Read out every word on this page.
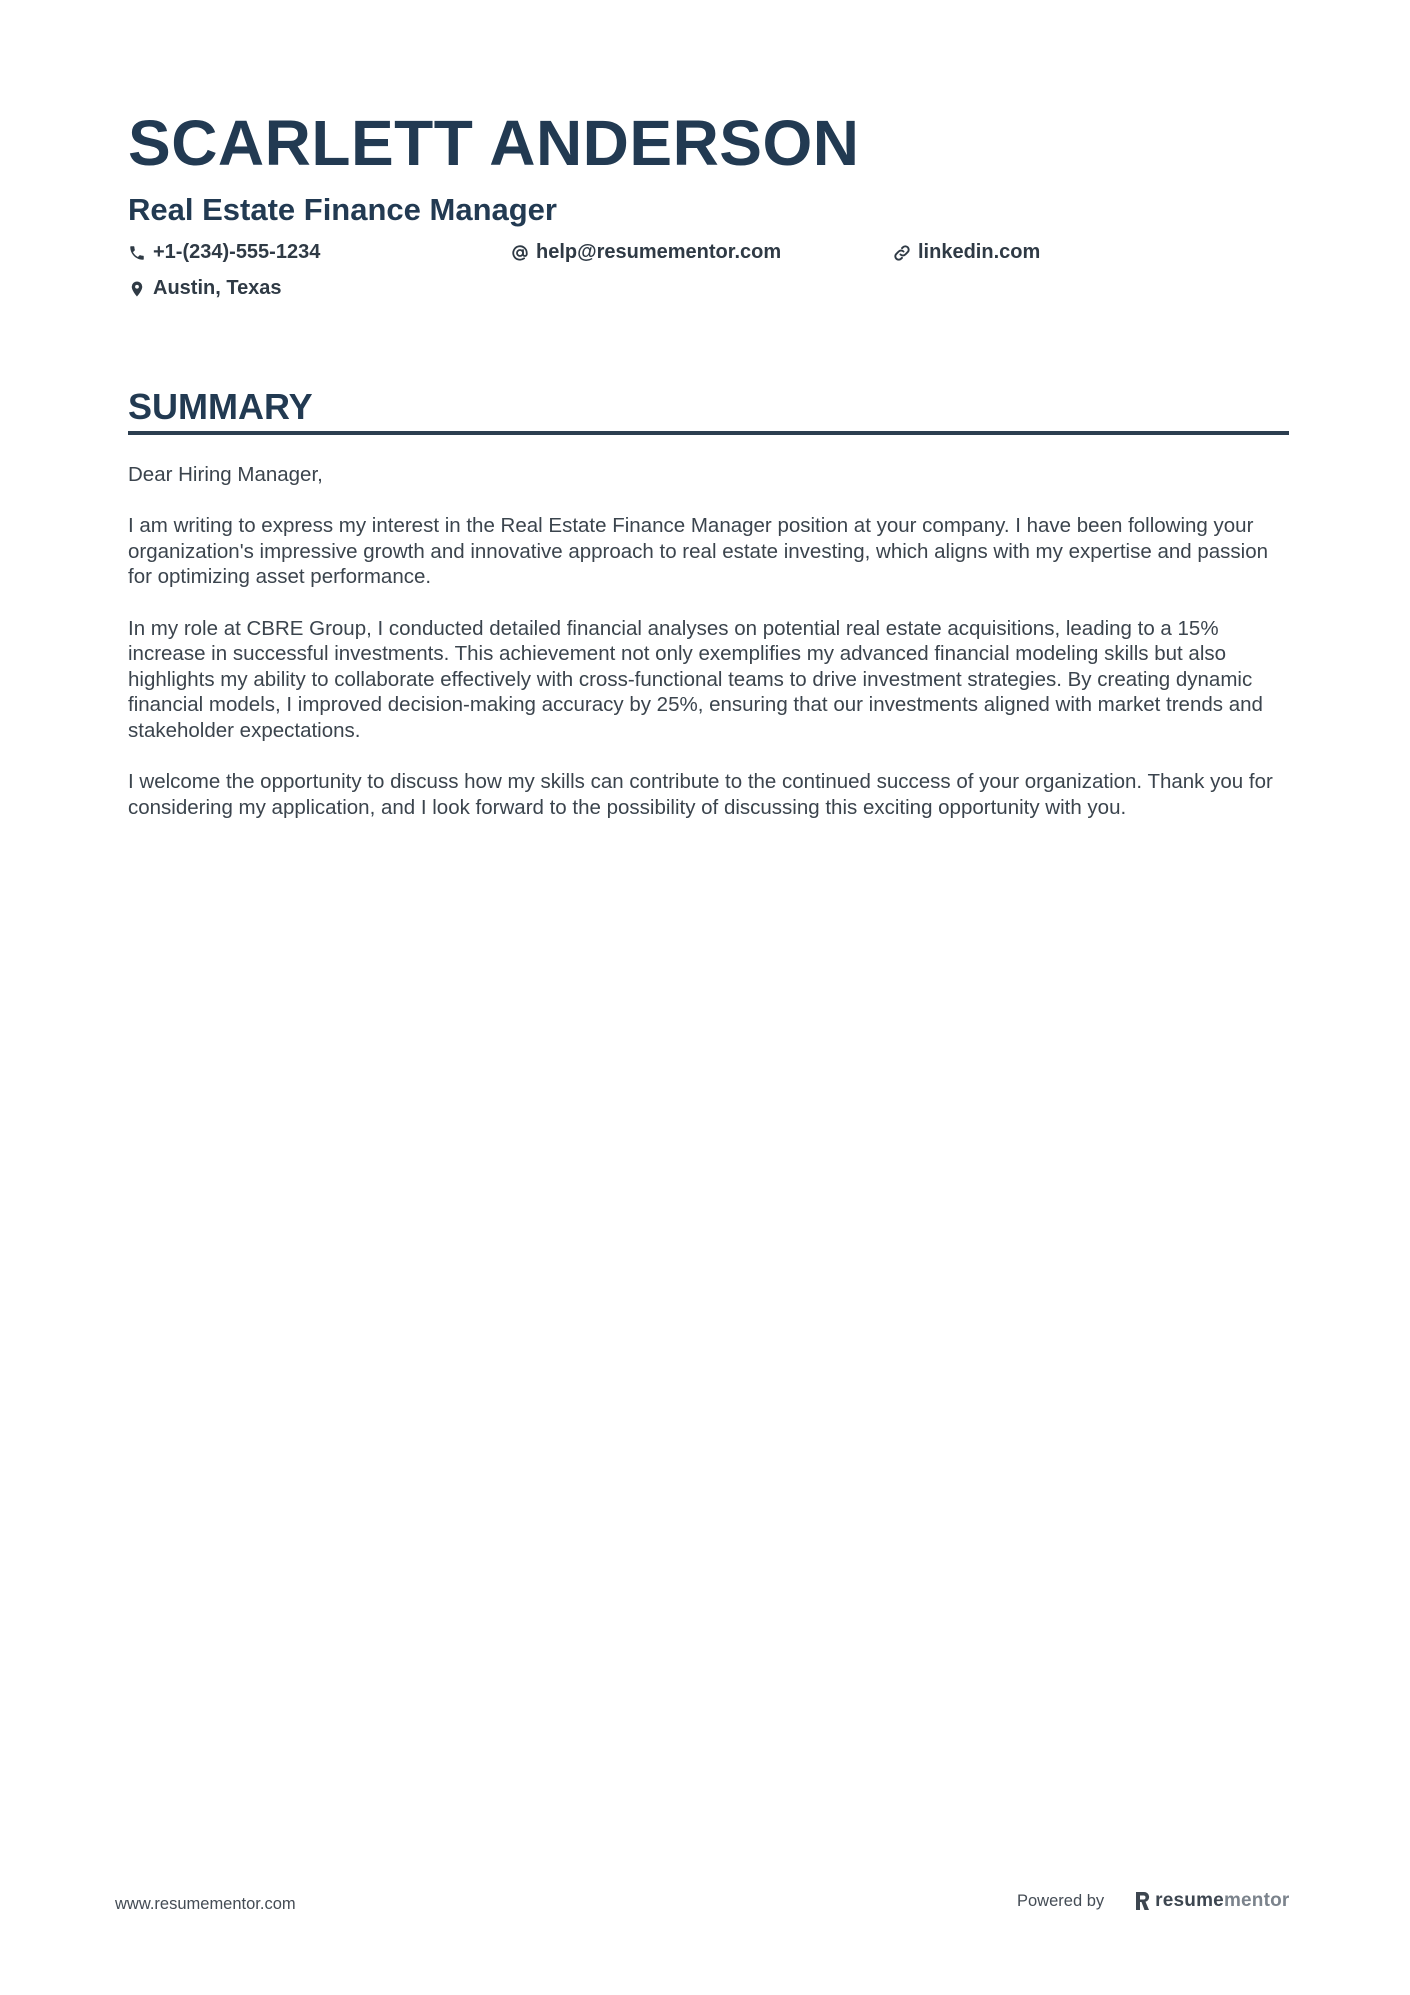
SCARLETT ANDERSON
Real Estate Finance Manager
+1-(234)-555-1234	help@resumementor.com	linkedin.com
Austin, Texas
SUMMARY

Dear Hiring Manager,

I am writing to express my interest in the Real Estate Finance Manager position at your company. I have been following your organization's impressive growth and innovative approach to real estate investing, which aligns with my expertise and passion for optimizing asset performance.

In my role at CBRE Group, I conducted detailed financial analyses on potential real estate acquisitions, leading to a 15% increase in successful investments. This achievement not only exemplifies my advanced financial modeling skills but also highlights my ability to collaborate effectively with cross-functional teams to drive investment strategies. By creating dynamic financial models, I improved decision-making accuracy by 25%, ensuring that our investments aligned with market trends and stakeholder expectations.

I welcome the opportunity to discuss how my skills can contribute to the continued success of your organization. Thank you for considering my application, and I look forward to the possibility of discussing this exciting opportunity with you.

www.resumementor.com	Powered by	resumementor
